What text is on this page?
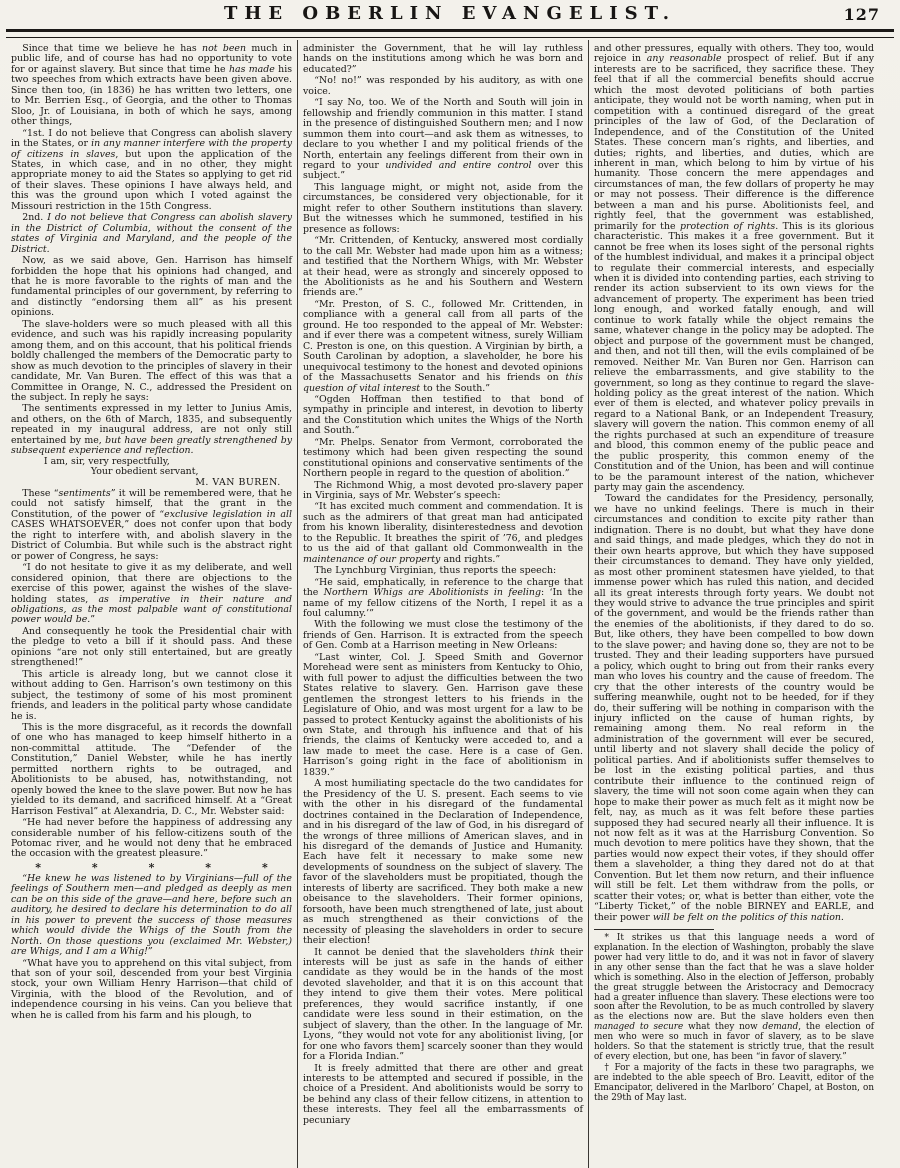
THE OBERLIN EVANGELIST.	127

Since that time we believe he has not been much in public life, and of course has had no opportunity to vote for or against slavery. But since that time he has made his two speeches from which extracts have been given above. Since then too, (in 1836) he has written two letters, one to Mr. Berrien Esq., of Georgia, and the other to Thomas Sloo, Jr. of Louisiana, in both of which he says, among other things,

“1st. I do not believe that Congress can abolish slavery in the States, or in any manner interfere with the property of citizens in slaves, but upon the application of the States, in which case, and in no other, they might appropriate money to aid the States so applying to get rid of their slaves. These opinions I have always held, and this was the ground upon which I voted against the Missouri restriction in the 15th Congress.

2nd. I do not believe that Congress can abolish slavery in the District of Columbia, without the consent of the states of Virginia and Maryland, and the people of the District.

Now, as we said above, Gen. Harrison has himself forbidden the hope that his opinions had changed, and that he is more favorable to the rights of man and the fundamental principles of our government, by referring to and distinctly “endorsing them all” as his present opinions.

The slave-holders were so much pleased with all this evidence, and such was his rapidly increasing popularity among them, and on this account, that his political friends boldly challenged the members of the Democratic party to show as much devotion to the principles of slavery in their candidate, Mr. Van Buren. The effect of this was that a Committee in Orange, N. C., addressed the President on the subject. In reply he says:

The sentiments expressed in my letter to Junius Amis, and others, on the 6th of March, 1835, and subsequently repeated in my inaugural address, are not only still entertained by me, but have been greatly strengthened by subsequent experience and reflection.

I am, sir, very respectfully,

Your obedient servant,

M. VAN BUREN.

These “sentiments” it will be remembered were, that he could not satisfy himself, that the grant in the Constitution, of the power of “exclusive legislation in all CASES WHATSOEVER,” does not confer upon that body the right to interfere with, and abolish slavery in the District of Columbia. But while such is the abstract right or power of Congress, he says:

“I do not hesitate to give it as my deliberate, and well considered opinion, that there are objections to the exercise of this power, against the wishes of the slave-holding states, as imperative in their nature and obligations, as the most palpable want of constitutional power would be.”

And consequently he took the Presidential chair with the pledge to veto a bill if it should pass. And these opinions “are not only still entertained, but are greatly strengthened!”

This article is already long, but we cannot close it without adding to Gen. Harrison’s own testimony on this subject, the testimony of some of his most prominent friends, and leaders in the political party whose candidate he is.

This is the more disgraceful, as it records the downfall of one who has managed to keep himself hitherto in a non-committal attitude. The “Defender of the Constitution,” Daniel Webster, while he has inertly permitted northern rights to be outraged, and Abolitionists to be abused, has, notwithstanding, not openly bowed the knee to the slave power. But now he has yielded to its demand, and sacrificed himself. At a “Great Harrison Festival” at Alexandria, D. C., Mr. Webster said:

“He had never before the happiness of addressing any considerable number of his fellow-citizens south of the Potomac river, and he would not deny that he embraced the occasion with the greatest pleasure.”

*	*	*	*	*

“He knew he was listened to by Virginians—full of the feelings of Southern men—and pledged as deeply as men can be on this side of the grave—and here, before such an auditory, he desired to declare his determination to do all in his power to prevent the success of those measures which would divide the Whigs of the South from the North. On those questions you (exclaimed Mr. Webster,) are Whigs, and I am a Whig!”

“What have you to apprehend on this vital subject, from that son of your soil, descended from your best Virginia stock, your own William Henry Harrison—that child of Virginia, with the blood of the Revolution, and of independence coursing in his veins. Can you believe that when he is called from his farm and his plough, to

administer the Government, that he will lay ruthless hands on the institutions among which he was born and educated?”

“No! no!” was responded by his auditory, as with one voice.

“I say No, too. We of the North and South will join in fellowship and friendly communion in this matter. I stand in the presence of distinguished Southern men; and I now summon them into court—and ask them as witnesses, to declare to you whether I and my political friends of the North, entertain any feelings different from their own in regard to your undivided and entire control over this subject.”

This language might, or might not, aside from the circumstances, be considered very objectionable, for it might refer to other Southern institutions than slavery. But the witnesses which he summoned, testified in his presence as follows:

“Mr. Crittenden, of Kentucky, answered most cordially to the call Mr. Webster had made upon him as a witness; and testified that the Northern Whigs, with Mr. Webster at their head, were as strongly and sincerely opposed to the Abolitionists as he and his Southern and Western friends are.”

“Mr. Preston, of S. C., followed Mr. Crittenden, in compliance with a general call from all parts of the ground. He too responded to the appeal of Mr. Webster: and if ever there was a competent witness, surely William C. Preston is one, on this question. A Virginian by birth, a South Carolinan by adoption, a slaveholder, he bore his unequivocal testimony to the honest and devoted opinions of the Massachusetts Senator and his friends on this question of vital interest to the South.”

“Ogden Hoffman then testified to that bond of sympathy in principle and interest, in devotion to liberty and the Constitution which unites the Whigs of the North and South.”

“Mr. Phelps. Senator from Vermont, corroborated the testimony which had been given respecting the sound constitutional opinions and conservative sentiments of the Northern people in regard to the question of abolition.”

The Richmond Whig, a most devoted pro-slavery paper in Virginia, says of Mr. Webster’s speech:

“It has excited much comment and commendation. It is such as the admirers of that great man had anticipated from his known liberality, disinterestedness and devotion to the Republic. It breathes the spirit of ’76, and pledges to us the aid of that gallant old Commonwealth in the maintenance of our property and rights.”

The Lynchburg Virginian, thus reports the speech:

“He said, emphatically, in reference to the charge that the Northern Whigs are Abolitionists in feeling: ‘In the name of my fellow citizens of the North, I repel it as a foul calumny.’”

With the following we must close the testimony of the friends of Gen. Harrison. It is extracted from the speech of Gen. Comb at a Harrison meeting in New Orleans:

“Last winter, Col. J. Speed Smith and Governor Morehead were sent as ministers from Kentucky to Ohio, with full power to adjust the difficulties between the two States relative to slavery. Gen. Harrison gave these gentlemen the strongest letters to his friends in the Legislature of Ohio, and was most urgent for a law to be passed to protect Kentucky against the abolitionists of his own State, and through his influence and that of his friends, the claims of Kentucky were acceded to, and a law made to meet the case. Here is a case of Gen. Harrison’s going right in the face of abolitionism in 1839.”

A most humiliating spectacle do the two candidates for the Presidency of the U. S. present. Each seems to vie with the other in his disregard of the fundamental doctrines contained in the Declaration of Independence, and in his disregard of the law of God, in his disregard of the wrongs of three millions of American slaves, and in his disregard of the demands of Justice and Humanity. Each have felt it necessary to make some new developments of soundness on the subject of slavery. The favor of the slaveholders must be propitiated, though the interests of liberty are sacrificed. They both make a new obeisance to the slaveholders. Their former opinions, forsooth, have been much strengthened of late, just about as much strengthened as their convictions of the necessity of pleasing the slaveholders in order to secure their election!

It cannot be denied that the slaveholders think their interests will be just as safe in the hands of either candidate as they would be in the hands of the most devoted slaveholder, and that it is on this account that they intend to give them their votes. Mere political preferences, they would sacrifice instantly, if one candidate were less sound in their estimation, on the subject of slavery, than the other. In the language of Mr. Lyons, “they would not vote for any abolitionist living, [or for one who favors them] scarcely sooner than they would for a Florida Indian.”

It is freely admitted that there are other and great interests to be attempted and secured if possible, in the choice of a President. And abolitionists would be sorry to be behind any class of their fellow citizens, in attention to these interests. They feel all the embarrassments of pecuniary

and other pressures, equally with others. They too, would rejoice in any reasonable prospect of relief. But if any interests are to be sacrificed, they sacrifice these. They feel that if all the commercial benefits should accrue which the most devoted politicians of both parties anticipate, they would not be worth naming, when put in competition with a continued disregard of the great principles of the law of God, of the Declaration of Independence, and of the Constitution of the United States. These concern man’s rights, and liberties, and duties; rights, and liberties, and duties, which are inherent in man, which belong to him by virtue of his humanity. Those concern the mere appendages and circumstances of man, the few dollars of property he may or may not possess. Their difference is the difference between a man and his purse. Abolitionists feel, and rightly feel, that the government was established, primarily for the protection of rights. This is its glorious characteristic. This makes it a free government. But it cannot be free when its loses sight of the personal rights of the humblest individual, and makes it a principal object to regulate their commercial interests, and especially when it is divided into contending parties, each striving to render its action subservient to its own views for the advancement of property. The experiment has been tried long enough, and worked fatally enough, and will continue to work fatally while the object remains the same, whatever change in the policy may be adopted. The object and purpose of the government must be changed, and then, and not till then, will the evils complained of be removed. Neither Mr. Van Buren nor Gen. Harrison can relieve the embarrassments, and give stability to the government, so long as they continue to regard the slave-holding policy as the great interest of the nation. Which ever of them is elected, and whatever policy prevails in regard to a National Bank, or an Independent Treasury, slavery will govern the nation. This common enemy of all the rights purchased at such an expenditure of treasure and blood, this common enemy of the public peace and the public prosperity, this common enemy of the Constitution and of the Union, has been and will continue to be the paramount interest of the nation, whichever party may gain the ascendency.

Toward the candidates for the Presidency, personally, we have no unkind feelings. There is much in their circumstances and condition to excite pity rather than indignation. There is no doubt, but what they have done and said things, and made pledges, which they do not in their own hearts approve, but which they have supposed their circumstances to demand. They have only yielded, as most other prominent statesmen have yielded, to that immense power which has ruled this nation, and decided all its great interests through forty years. We doubt not they would strive to advance the true principles and spirit of the government, and would be the friends rather than the enemies of the abolitionists, if they dared to do so. But, like others, they have been compelled to bow down to the slave power; and having done so, they are not to be trusted. They and their leading supporters have pursued a policy, which ought to bring out from their ranks every man who loves his country and the cause of freedom. The cry that the other interests of the country would be suffering meanwhile, ought not to be heeded, for if they do, their suffering will be nothing in comparison with the injury inflicted on the cause of human rights, by remaining among them. No real reform in the administration of the government will ever be secured, until liberty and not slavery shall decide the policy of political parties. And if abolitionists suffer themselves to be lost in the existing political parties, and thus contribute their influence to the continued reign of slavery, the time will not soon come again when they can hope to make their power as much felt as it might now be felt, nay, as much as it was felt before these parties supposed they had secured nearly all their influence. It is not now felt as it was at the Harrisburg Convention. So much devotion to mere politics have they shown, that the parties would now expect their votes, if they should offer them a slaveholder, a thing they dared not do at that Convention. But let them now return, and their influence will still be felt. Let them withdraw from the polls, or scatter their votes; or, what is better than either, vote the “Liberty Ticket,” of the noble BIRNEY and EARLE, and their power will be felt on the politics of this nation.

* It strikes us that this language needs a word of explanation. In the election of Washington, probably the slave power had very little to do, and it was not in favor of slavery in any other sense than the fact that he was a slave holder which is something. Also in the election of Jefferson, probably the great struggle between the Aristocracy and Democracy had a greater influence than slavery. These elections were too soon after the Revolution, to be as much controlled by slavery as the elections now are. But the slave holders even then managed to secure what they now demand, the election of men who were so much in favor of slavery, as to be slave holders. So that the statement is strictly true, that the result of every election, but one, has been “in favor of slavery.”

† For a majority of the facts in these two paragraphs, we are indebted to the able speech of Bro. Leavitt, editor of the Emancipator, delivered in the Marlboro’ Chapel, at Boston, on the 29th of May last.
